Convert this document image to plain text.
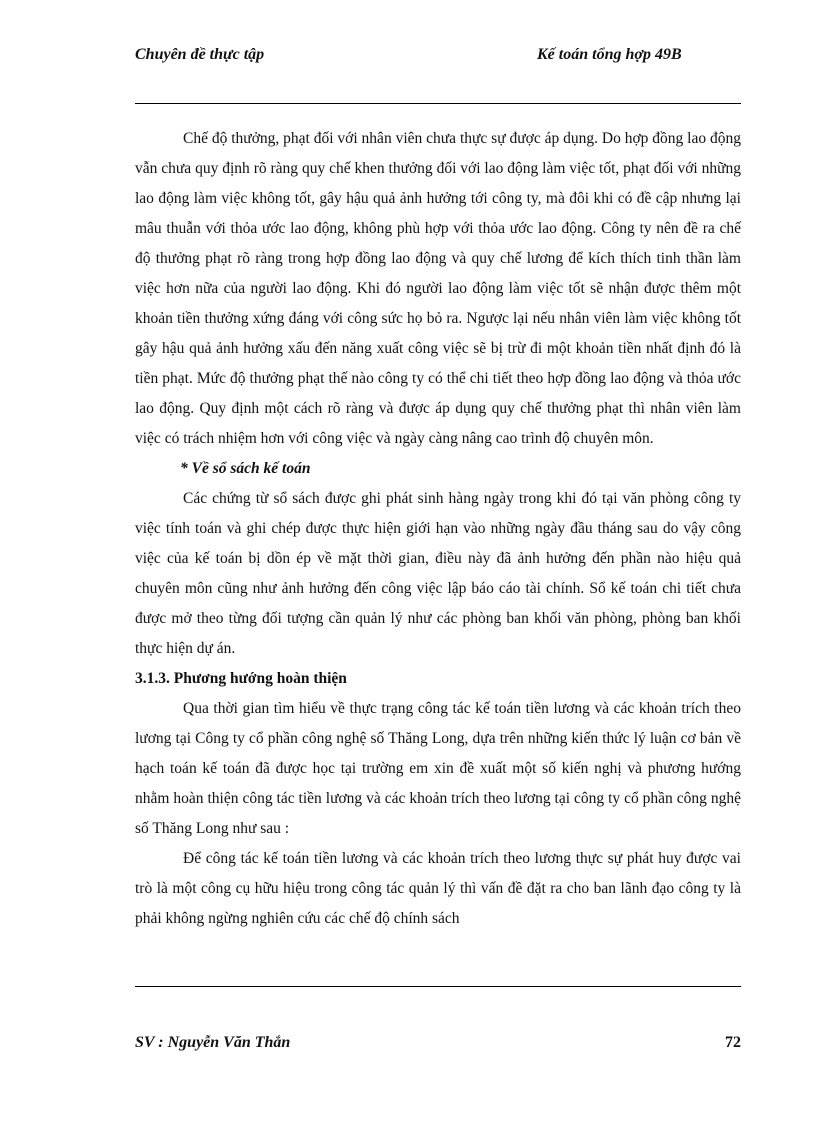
Chuyên đề thực tập	Kế toán tổng hợp 49B

Chế độ thưởng, phạt đối với nhân viên chưa thực sự được áp dụng. Do hợp đồng lao động vẫn chưa quy định rõ ràng quy chế khen thưởng đối với lao động làm việc tốt, phạt đối với những lao động làm việc không tốt, gây hậu quả ảnh hưởng tới công ty, mà đôi khi có đề cập nhưng lại mâu thuẫn với thỏa ước lao động, không phù hợp với thỏa ước lao động. Công ty nên đề ra chế độ thưởng phạt rõ ràng trong hợp đồng lao động và quy chế lương để kích thích tinh thần làm việc hơn nữa của người lao động. Khi đó người lao động làm việc tốt sẽ nhận được thêm một khoản tiền thưởng xứng đáng với công sức họ bỏ ra. Ngược lại nếu nhân viên làm việc không tốt gây hậu quả ảnh hưởng xấu đến năng xuất công việc sẽ bị trừ đi một khoản tiền nhất định đó là tiền phạt. Mức độ thưởng phạt thế nào công ty có thể chi tiết theo hợp đồng lao động và thỏa ước lao động. Quy định một cách rõ ràng và được áp dụng quy chế thưởng phạt thì nhân viên làm việc có trách nhiệm hơn với công việc và ngày càng nâng cao trình độ chuyên môn.

* Về sổ sách kế toán

Các chứng từ sổ sách được ghi phát sinh hàng ngày trong khi đó tại văn phòng công ty việc tính toán và ghi chép được thực hiện giới hạn vào những ngày đầu tháng sau do vậy công việc của kế toán bị dồn ép về mặt thời gian, điều này đã ảnh hưởng đến phần nào hiệu quả chuyên môn cũng như ảnh hưởng đến công việc lập báo cáo tài chính. Sổ kế toán chi tiết chưa được mở theo từng đối tượng cần quản lý như các phòng ban khối văn phòng, phòng ban khối thực hiện dự án.

3.1.3. Phương hướng hoàn thiện

Qua thời gian tìm hiểu về thực trạng công tác kế toán tiền lương và các khoản trích theo lương tại Công ty cổ phần công nghệ số Thăng Long, dựa trên những kiến thức lý luận cơ bản về hạch toán kế toán đã được học tại trường em xin đề xuất một số kiến nghị và phương hướng nhằm hoàn thiện công tác tiền lương và các khoản trích theo lương tại công ty cổ phần công nghệ số Thăng Long như sau :

Để công tác kế toán tiền lương và các khoản trích theo lương thực sự phát huy được vai trò là một công cụ hữu hiệu trong công tác quản lý thì vấn đề đặt ra cho ban lãnh đạo công ty là phải không ngừng nghiên cứu các chế độ chính sách

SV : Nguyễn Văn Thắn	72
